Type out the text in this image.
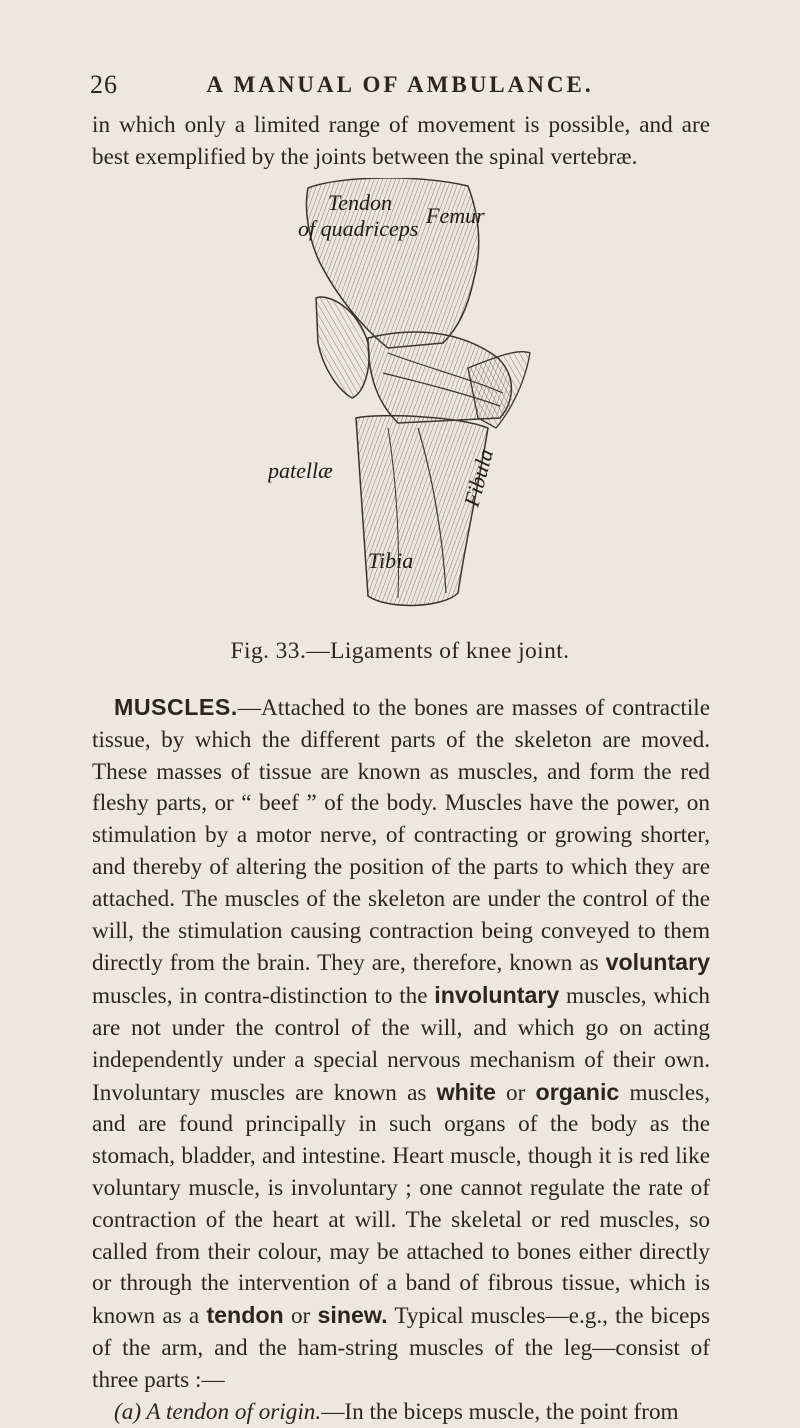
26	A MANUAL OF AMBULANCE.

in which only a limited range of movement is possible, and are best exemplified by the joints between the spinal vertebræ.

Tendon of quadriceps
Femur
patellæ	Fibula
Tibia
Fig. 33.—Ligaments of knee joint.

MUSCLES.—Attached to the bones are masses of contractile tissue, by which the different parts of the skeleton are moved. These masses of tissue are known as muscles, and form the red fleshy parts, or “ beef ” of the body. Muscles have the power, on stimulation by a motor nerve, of contracting or growing shorter, and thereby of altering the position of the parts to which they are attached. The muscles of the skeleton are under the control of the will, the stimulation causing contraction being conveyed to them directly from the brain. They are, therefore, known as voluntary muscles, in contra-distinction to the involuntary muscles, which are not under the control of the will, and which go on acting independently under a special nervous mechanism of their own. Involuntary muscles are known as white or organic muscles, and are found principally in such organs of the body as the stomach, bladder, and intestine. Heart muscle, though it is red like voluntary muscle, is involuntary ; one cannot regulate the rate of contraction of the heart at will. The skeletal or red muscles, so called from their colour, may be attached to bones either directly or through the intervention of a band of fibrous tissue, which is known as a tendon or sinew. Typical muscles—e.g., the biceps of the arm, and the ham-string muscles of the leg—consist of three parts :—

(a) A tendon of origin.—In the biceps muscle, the point from
